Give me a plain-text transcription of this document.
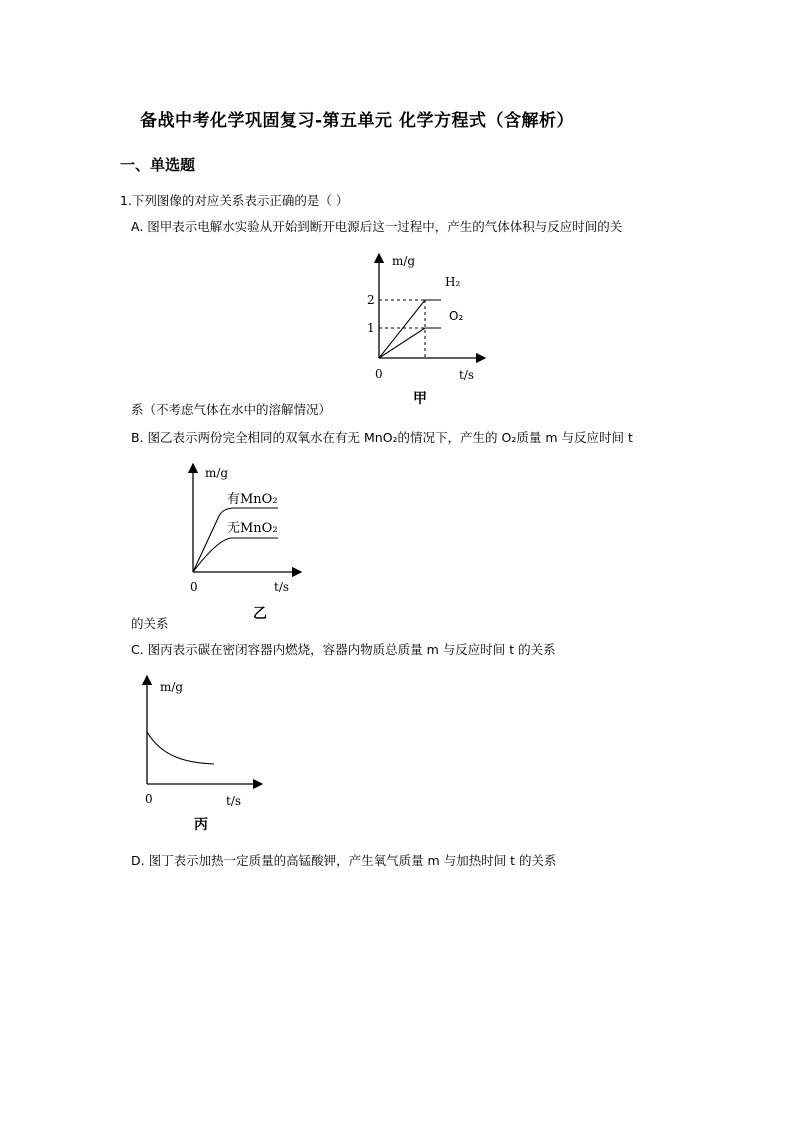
备战中考化学巩固复习-第五单元 化学方程式（含解析）
一、单选题
1.下列图像的对应关系表示正确的是（ ）
A. 图甲表示电解水实验从开始到断开电源后这一过程中，产生的气体体积与反应时间的关
m/g
2
1
H₂
O₂
0	t/s
甲
系（不考虑气体在水中的溶解情况）
B. 图乙表示两份完全相同的双氧水在有无 MnO₂的情况下，产生的 O₂质量 m 与反应时间 t
m/g
有MnO₂
无MnO₂
0	t/s
乙
的关系
C. 图丙表示碳在密闭容器内燃烧，容器内物质总质量 m 与反应时间 t 的关系
m/g
0	t/s
丙
D. 图丁表示加热一定质量的高锰酸钾，产生氧气质量 m 与加热时间 t 的关系
